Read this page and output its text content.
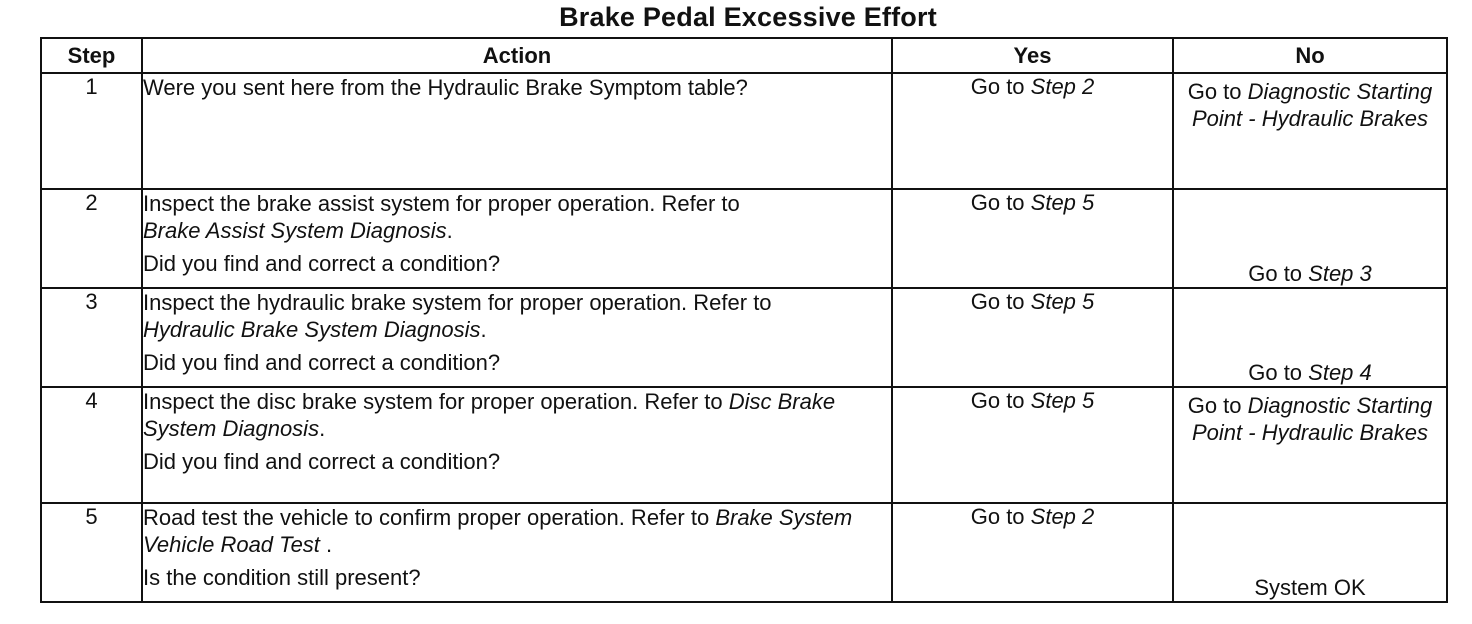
Brake Pedal Excessive Effort
Step	Action	Yes	No
1	Were you sent here from the Hydraulic Brake Symptom table?	Go to Step 2	Go to Diagnostic Starting Point - Hydraulic Brakes
2	Inspect the brake assist system for proper operation. Refer to
Brake Assist System Diagnosis.

Did you find and correct a condition?	Go to Step 5	Go to Step 3
3	Inspect the hydraulic brake system for proper operation. Refer to
Hydraulic Brake System Diagnosis.

Did you find and correct a condition?	Go to Step 5	Go to Step 4
4	Inspect the disc brake system for proper operation. Refer to Disc Brake System Diagnosis.

Did you find and correct a condition?	Go to Step 5	Go to Diagnostic Starting Point - Hydraulic Brakes
5	Road test the vehicle to confirm proper operation. Refer to Brake System Vehicle Road Test .

Is the condition still present?	Go to Step 2	System OK
